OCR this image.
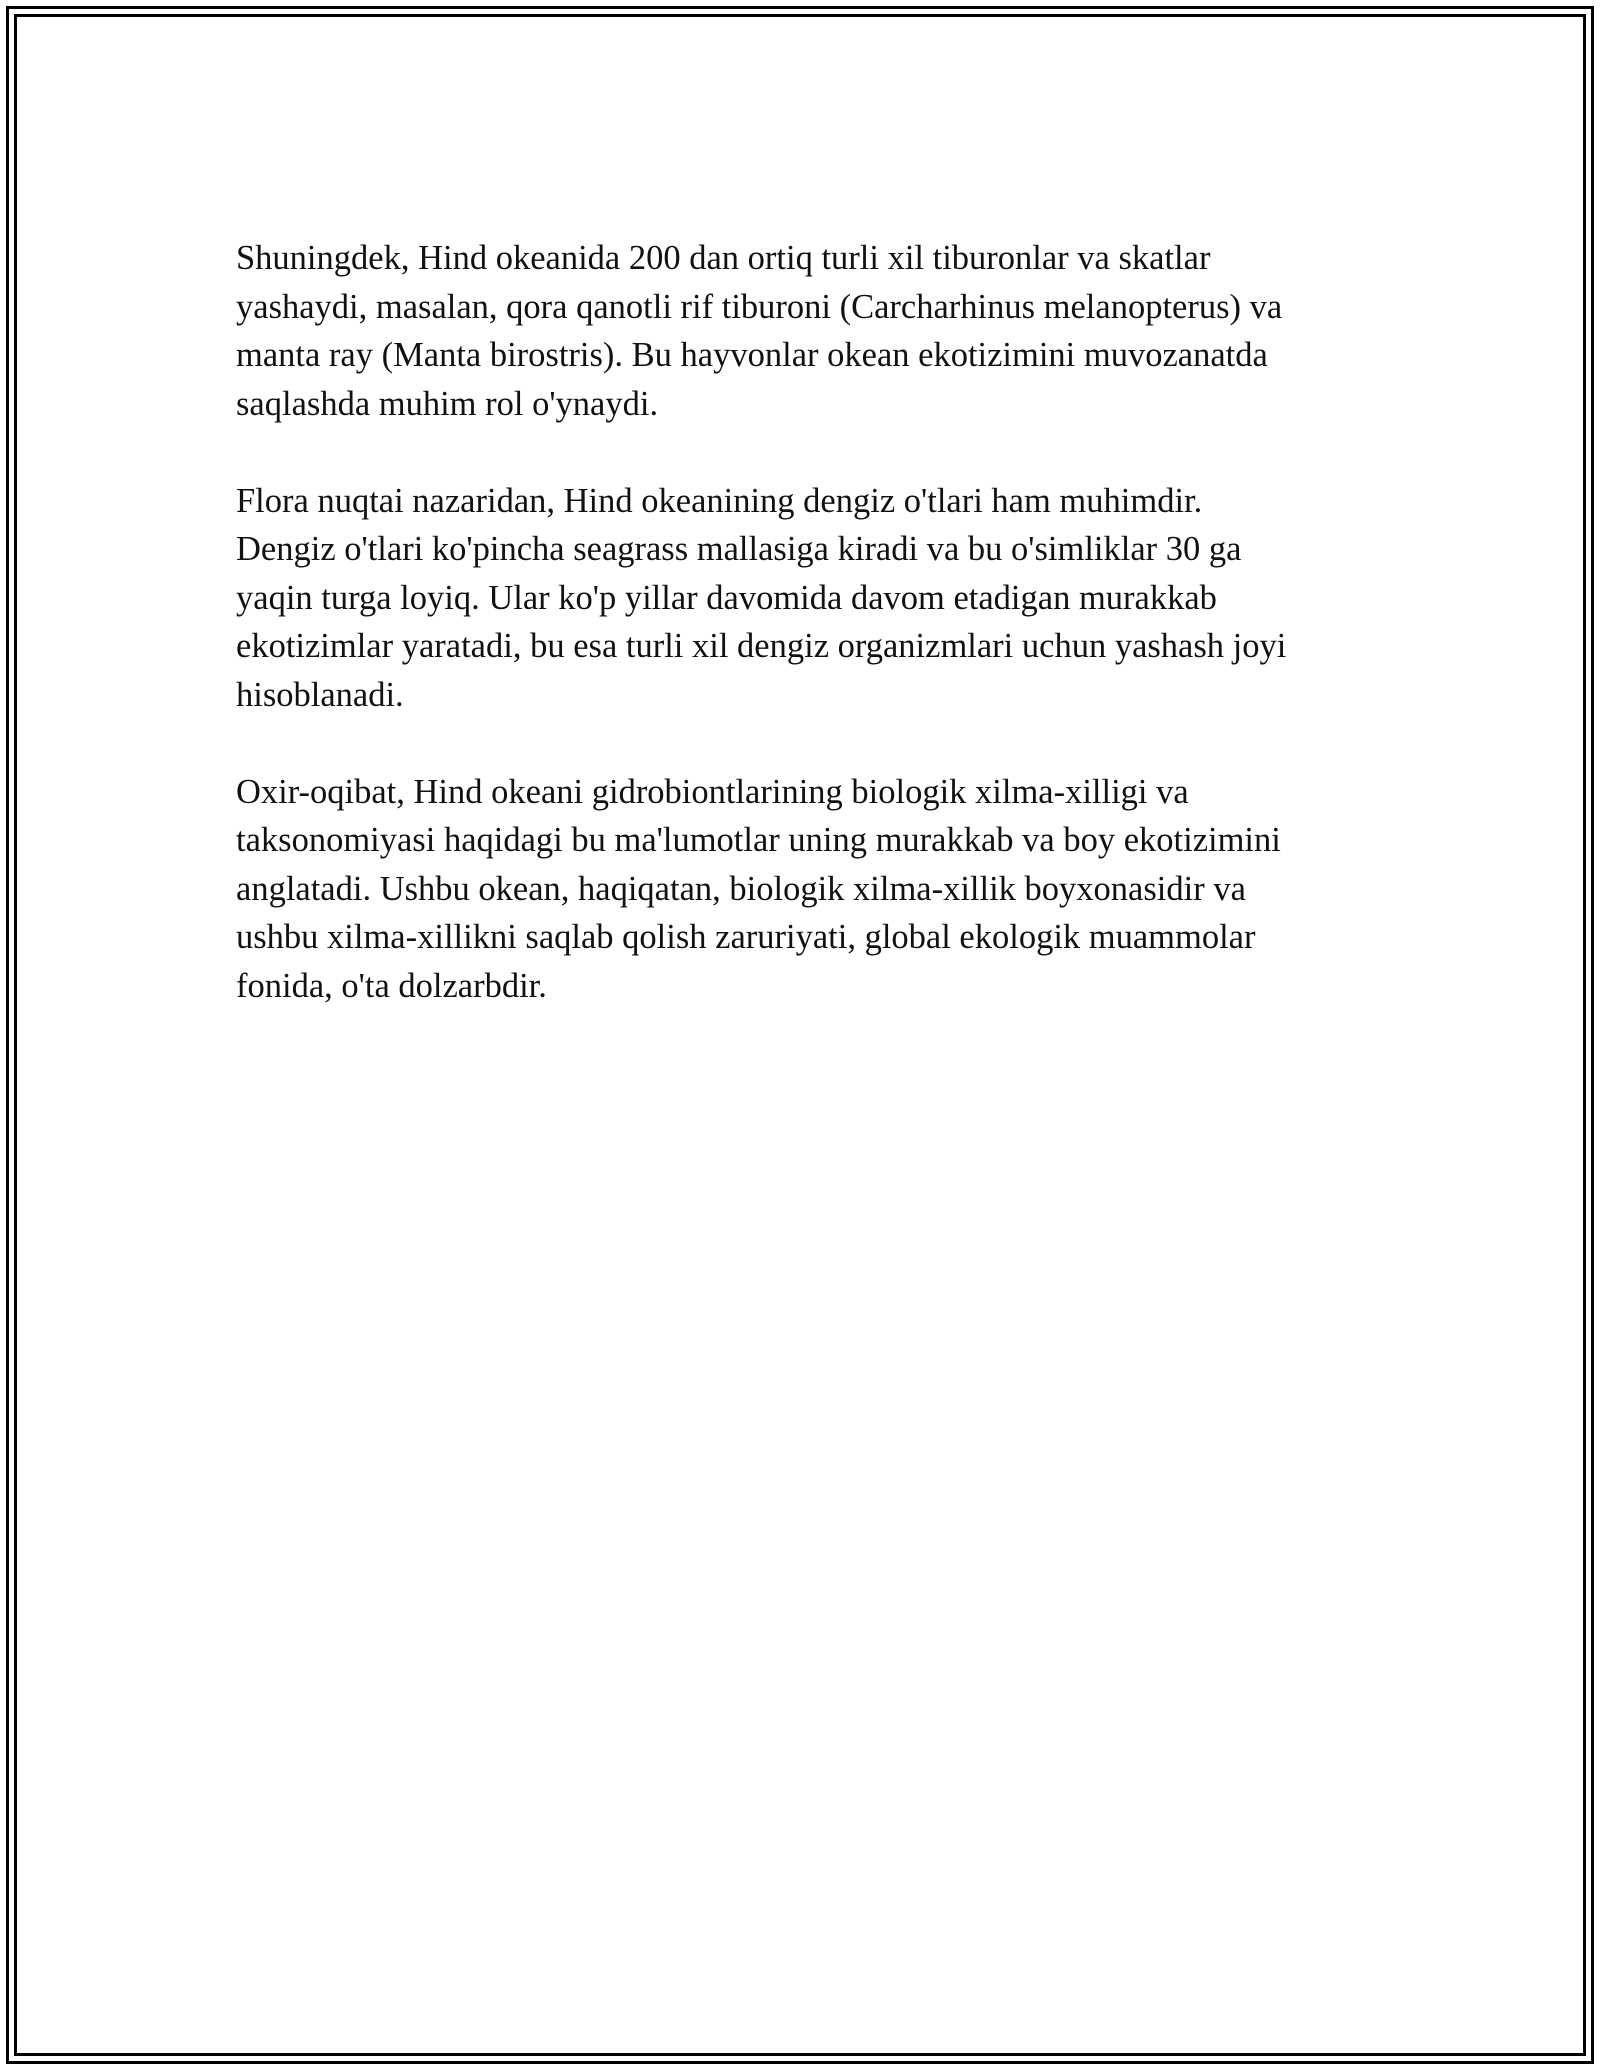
Shuningdek, Hind okeanida 200 dan ortiq turli xil tiburonlar va skatlar
yashaydi, masalan, qora qanotli rif tiburoni (Carcharhinus melanopterus) va
manta ray (Manta birostris). Bu hayvonlar okean ekotizimini muvozanatda
saqlashda muhim rol o'ynaydi.

Flora nuqtai nazaridan, Hind okeanining dengiz o'tlari ham muhimdir.
Dengiz o'tlari ko'pincha seagrass mallasiga kiradi va bu o'simliklar 30 ga
yaqin turga loyiq. Ular ko'p yillar davomida davom etadigan murakkab
ekotizimlar yaratadi, bu esa turli xil dengiz organizmlari uchun yashash joyi
hisoblanadi.

Oxir-oqibat, Hind okeani gidrobiontlarining biologik xilma-xilligi va
taksonomiyasi haqidagi bu ma'lumotlar uning murakkab va boy ekotizimini
anglatadi. Ushbu okean, haqiqatan, biologik xilma-xillik boyxonasidir va
ushbu xilma-xillikni saqlab qolish zaruriyati, global ekologik muammolar
fonida, o'ta dolzarbdir.
